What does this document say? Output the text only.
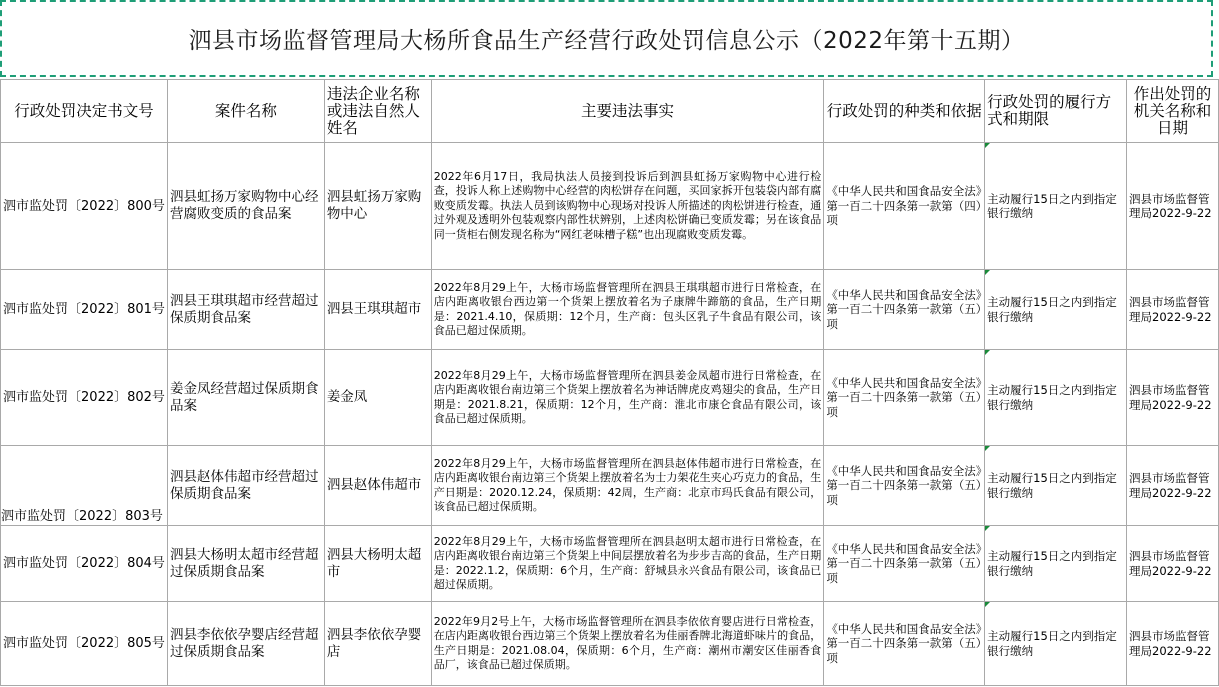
泗县市场监督管理局大杨所食品生产经营行政处罚信息公示（2022年第十五期）
行政处罚决定书文号	案件名称	违法企业名称或违法自然人姓名	主要违法事实	行政处罚的种类和依据	行政处罚的履行方式和期限	作出处罚的机关名称和日期
泗市监处罚〔2022〕800号	泗县虹扬万家购物中心经营腐败变质的食品案	泗县虹扬万家购物中心	2022年6月17日，我局执法人员接到投诉后到泗县虹扬万家购物中心进行检查，投诉人称上述购物中心经营的肉松饼存在问题，买回家拆开包装袋内部有腐败变质发霉。执法人员到该购物中心现场对投诉人所描述的肉松饼进行检查，通过外观及透明外包装观察内部性状辨别，上述肉松饼确已变质发霉；另在该食品同一货柜右侧发现名称为“网红老味槽子糕”也出现腐败变质发霉。	《中华人民共和国食品安全法》第一百二十四条第一款第（四）项	主动履行15日之内到指定银行缴纳	泗县市场监督管理局2022-9-22
泗市监处罚〔2022〕801号	泗县王琪琪超市经营超过保质期食品案	泗县王琪琪超市	2022年8月29上午，大杨市场监督管理所在泗县王琪琪超市进行日常检查，在店内距离收银台西边第一个货架上摆放着名为子康牌牛蹄筋的食品，生产日期是：2021.4.10，保质期：12个月，生产商：包头区乳子牛食品有限公司，该食品已超过保质期。	《中华人民共和国食品安全法》第一百二十四条第一款第（五）项	主动履行15日之内到指定银行缴纳	泗县市场监督管理局2022-9-22
泗市监处罚〔2022〕802号	姜金凤经营超过保质期食品案	姜金凤	2022年8月29上午，大杨市场监督管理所在泗县姜金凤超市进行日常检查，在店内距离收银台南边第三个货架上摆放着名为神话牌虎皮鸡翅尖的食品，生产日期是：2021.8.21，保质期：12个月，生产商：淮北市康仑食品有限公司，该食品已超过保质期。	《中华人民共和国食品安全法》第一百二十四条第一款第（五）项	主动履行15日之内到指定银行缴纳	泗县市场监督管理局2022-9-22
泗市监处罚〔2022〕803号	泗县赵体伟超市经营超过保质期食品案	泗县赵体伟超市	2022年8月29上午，大杨市场监督管理所在泗县赵体伟超市进行日常检查，在店内距离收银台南边第三个货架上摆放着名为士力架花生夹心巧克力的食品，生产日期是：2020.12.24，保质期：42周，生产商：北京市玛氏食品有限公司，该食品已超过保质期。	《中华人民共和国食品安全法》第一百二十四条第一款第（五）项	主动履行15日之内到指定银行缴纳	泗县市场监督管理局2022-9-22
泗市监处罚〔2022〕804号	泗县大杨明太超市经营超过保质期食品案	泗县大杨明太超市	2022年8月29上午，大杨市场监督管理所在泗县赵明太超市进行日常检查，在店内距离收银台南边第三个货架上中间层摆放着名为步步吉高的食品，生产日期是：2022.1.2，保质期：6个月，生产商：舒城县永兴食品有限公司，该食品已超过保质期。	《中华人民共和国食品安全法》第一百二十四条第一款第（五）项	主动履行15日之内到指定银行缴纳	泗县市场监督管理局2022-9-22
泗市监处罚〔2022〕805号	泗县李依依孕婴店经营超过保质期食品案	泗县李依依孕婴店	2022年9月2号上午，大杨市场监督管理所在泗县李依依育婴店进行日常检查，在店内距离收银台西边第三个货架上摆放着名为佳丽香牌北海道虾味片的食品，生产日期是：2021.08.04，保质期：6个月，生产商：潮州市潮安区佳丽香食品厂，该食品已超过保质期。	《中华人民共和国食品安全法》第一百二十四条第一款第（五）项	主动履行15日之内到指定银行缴纳	泗县市场监督管理局2022-9-22
